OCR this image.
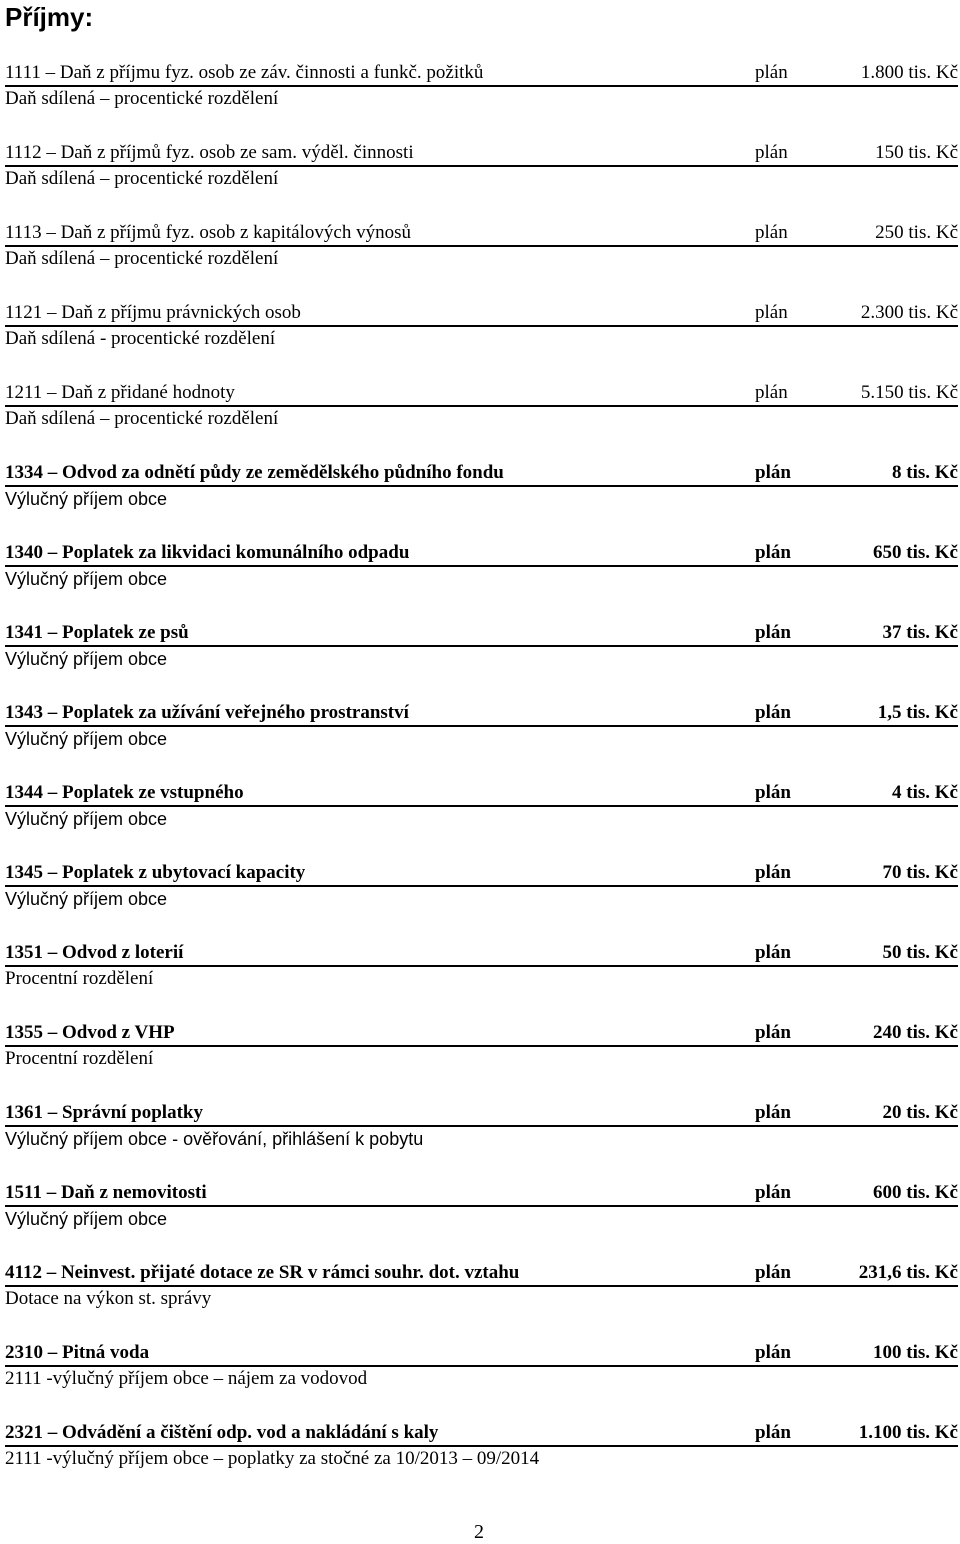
Příjmy:
1111 – Daň z příjmu fyz. osob ze záv. činnosti a funkč. požitků	plán	1.800 tis. Kč
Daň sdílená – procentické rozdělení
1112 – Daň z příjmů fyz. osob ze sam. výděl. činnosti	plán	150 tis. Kč
Daň sdílená – procentické rozdělení
1113 – Daň z příjmů fyz. osob z kapitálových výnosů	plán	250 tis. Kč
Daň sdílená – procentické rozdělení
1121 – Daň z příjmu právnických osob	plán	2.300 tis. Kč
Daň sdílená - procentické rozdělení
1211 – Daň z přidané hodnoty	plán	5.150 tis. Kč
Daň sdílená – procentické rozdělení
1334 – Odvod za odnětí půdy ze zemědělského půdního fondu	plán	8 tis. Kč
Výlučný příjem obce
1340 – Poplatek za likvidaci komunálního odpadu	plán	650 tis. Kč
Výlučný příjem obce
1341 – Poplatek ze psů	plán	37 tis. Kč
Výlučný příjem obce
1343 – Poplatek za užívání veřejného prostranství	plán	1,5 tis. Kč
Výlučný příjem obce
1344 – Poplatek ze vstupného	plán	4 tis. Kč
Výlučný příjem obce
1345 – Poplatek z ubytovací kapacity	plán	70 tis. Kč
Výlučný příjem obce
1351 – Odvod z loterií	plán	50 tis. Kč
Procentní rozdělení
1355 – Odvod z VHP	plán	240 tis. Kč
Procentní rozdělení
1361 – Správní poplatky	plán	20 tis. Kč
Výlučný příjem obce - ověřování, přihlášení k pobytu
1511 – Daň z nemovitosti	plán	600 tis. Kč
Výlučný příjem obce
4112 – Neinvest. přijaté dotace ze SR v rámci souhr. dot. vztahu	plán	231,6 tis. Kč
Dotace na výkon st. správy
2310 – Pitná voda	plán	100 tis. Kč
2111 -výlučný příjem obce – nájem za vodovod
2321 – Odvádění a čištění odp. vod a nakládání s kaly	plán	1.100 tis. Kč
2111 -výlučný příjem obce – poplatky za stočné za 10/2013 – 09/2014
2
